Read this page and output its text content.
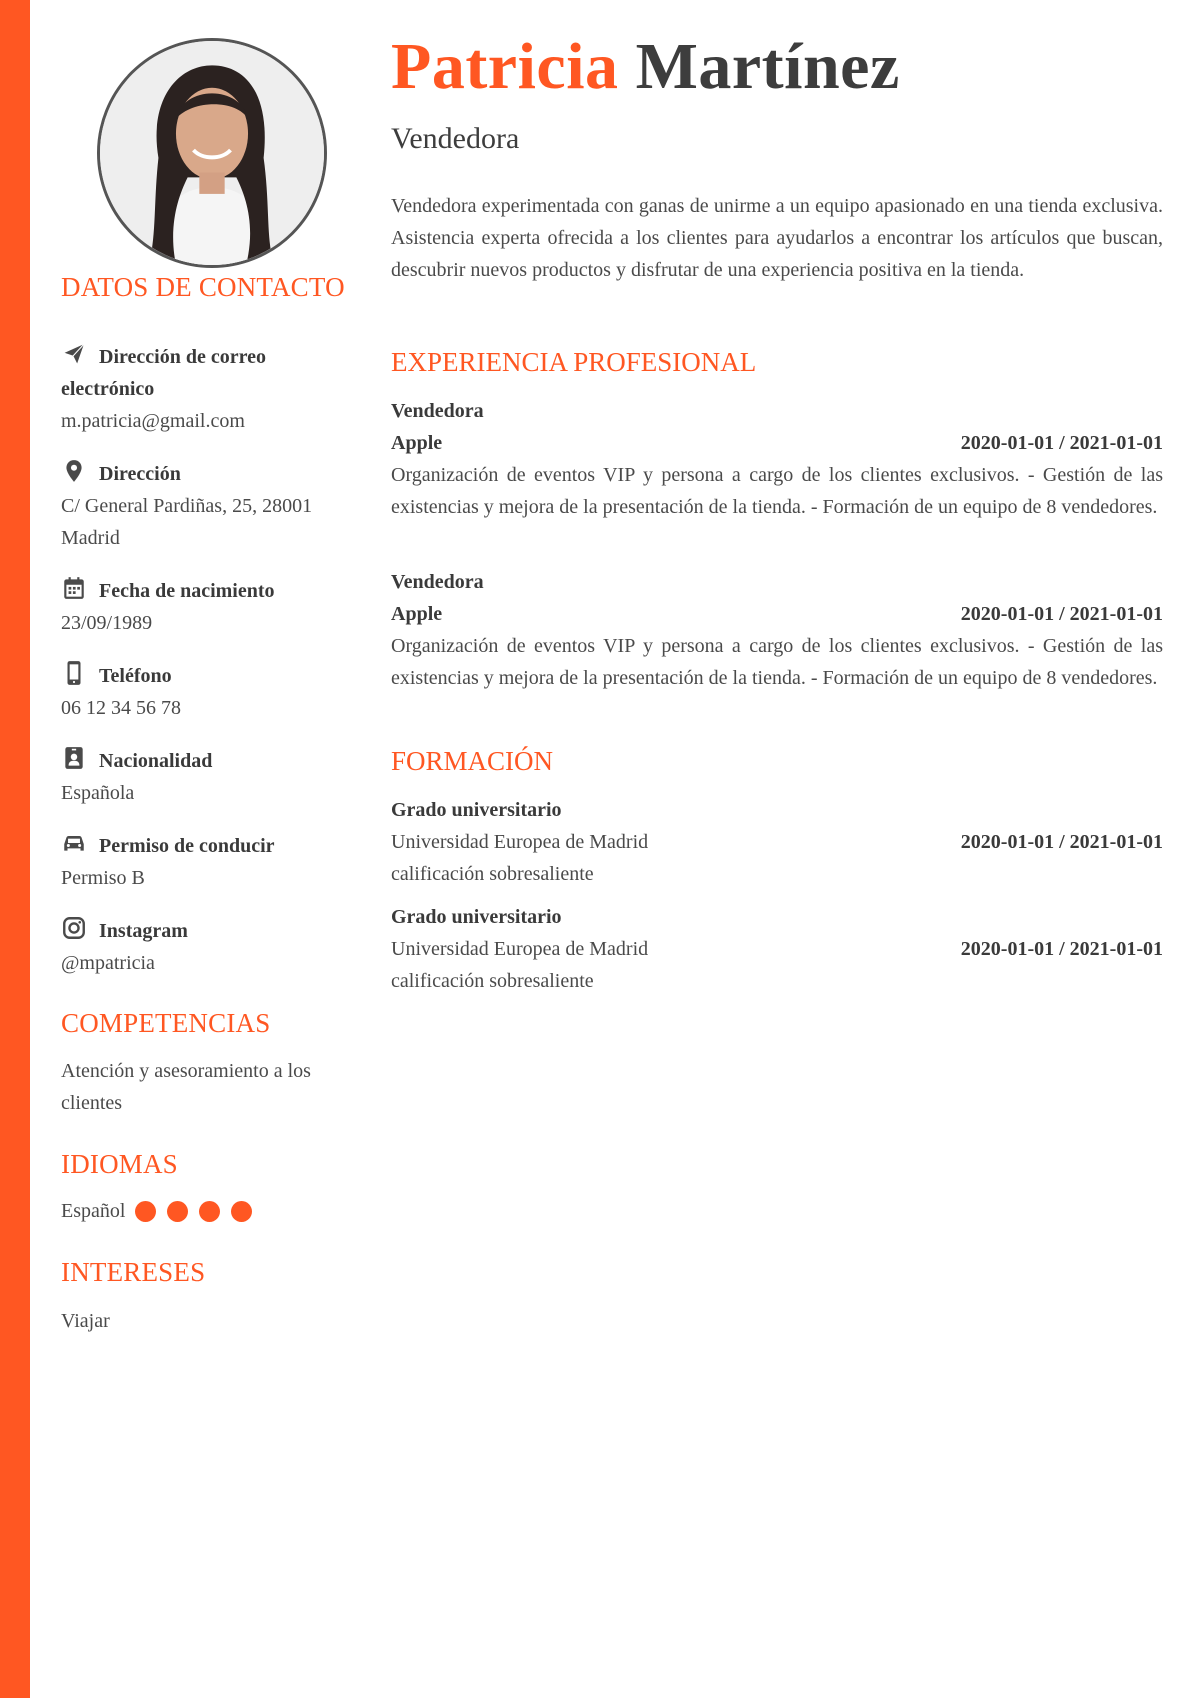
DATOS DE CONTACTO
Dirección de correo electrónico
m.patricia@gmail.com
Dirección
C/ General Pardiñas, 25, 28001 Madrid
Fecha de nacimiento
23/09/1989
Teléfono
06 12 34 56 78
Nacionalidad
Española
Permiso de conducir
Permiso B
Instagram
@mpatricia
COMPETENCIAS
Atención y asesoramiento a los clientes
IDIOMAS
Español
INTERESES
Viajar
Patricia Martínez
Vendedora
Vendedora experimentada con ganas de unirme a un equipo apasionado en una tienda exclusiva. Asistencia experta ofrecida a los clientes para ayudarlos a encontrar los artículos que buscan, descubrir nuevos productos y disfrutar de una experiencia positiva en la tienda.
EXPERIENCIA PROFESIONAL
Vendedora
Apple	2020-01-01 / 2021-01-01
Organización de eventos VIP y persona a cargo de los clientes exclusivos. - Gestión de las existencias y mejora de la presentación de la tienda. - Formación de un equipo de 8 vendedores.
Vendedora
Apple	2020-01-01 / 2021-01-01
Organización de eventos VIP y persona a cargo de los clientes exclusivos. - Gestión de las existencias y mejora de la presentación de la tienda. - Formación de un equipo de 8 vendedores.
FORMACIÓN
Grado universitario
Universidad Europea de Madrid	2020-01-01 / 2021-01-01
calificación sobresaliente
Grado universitario
Universidad Europea de Madrid	2020-01-01 / 2021-01-01
calificación sobresaliente
